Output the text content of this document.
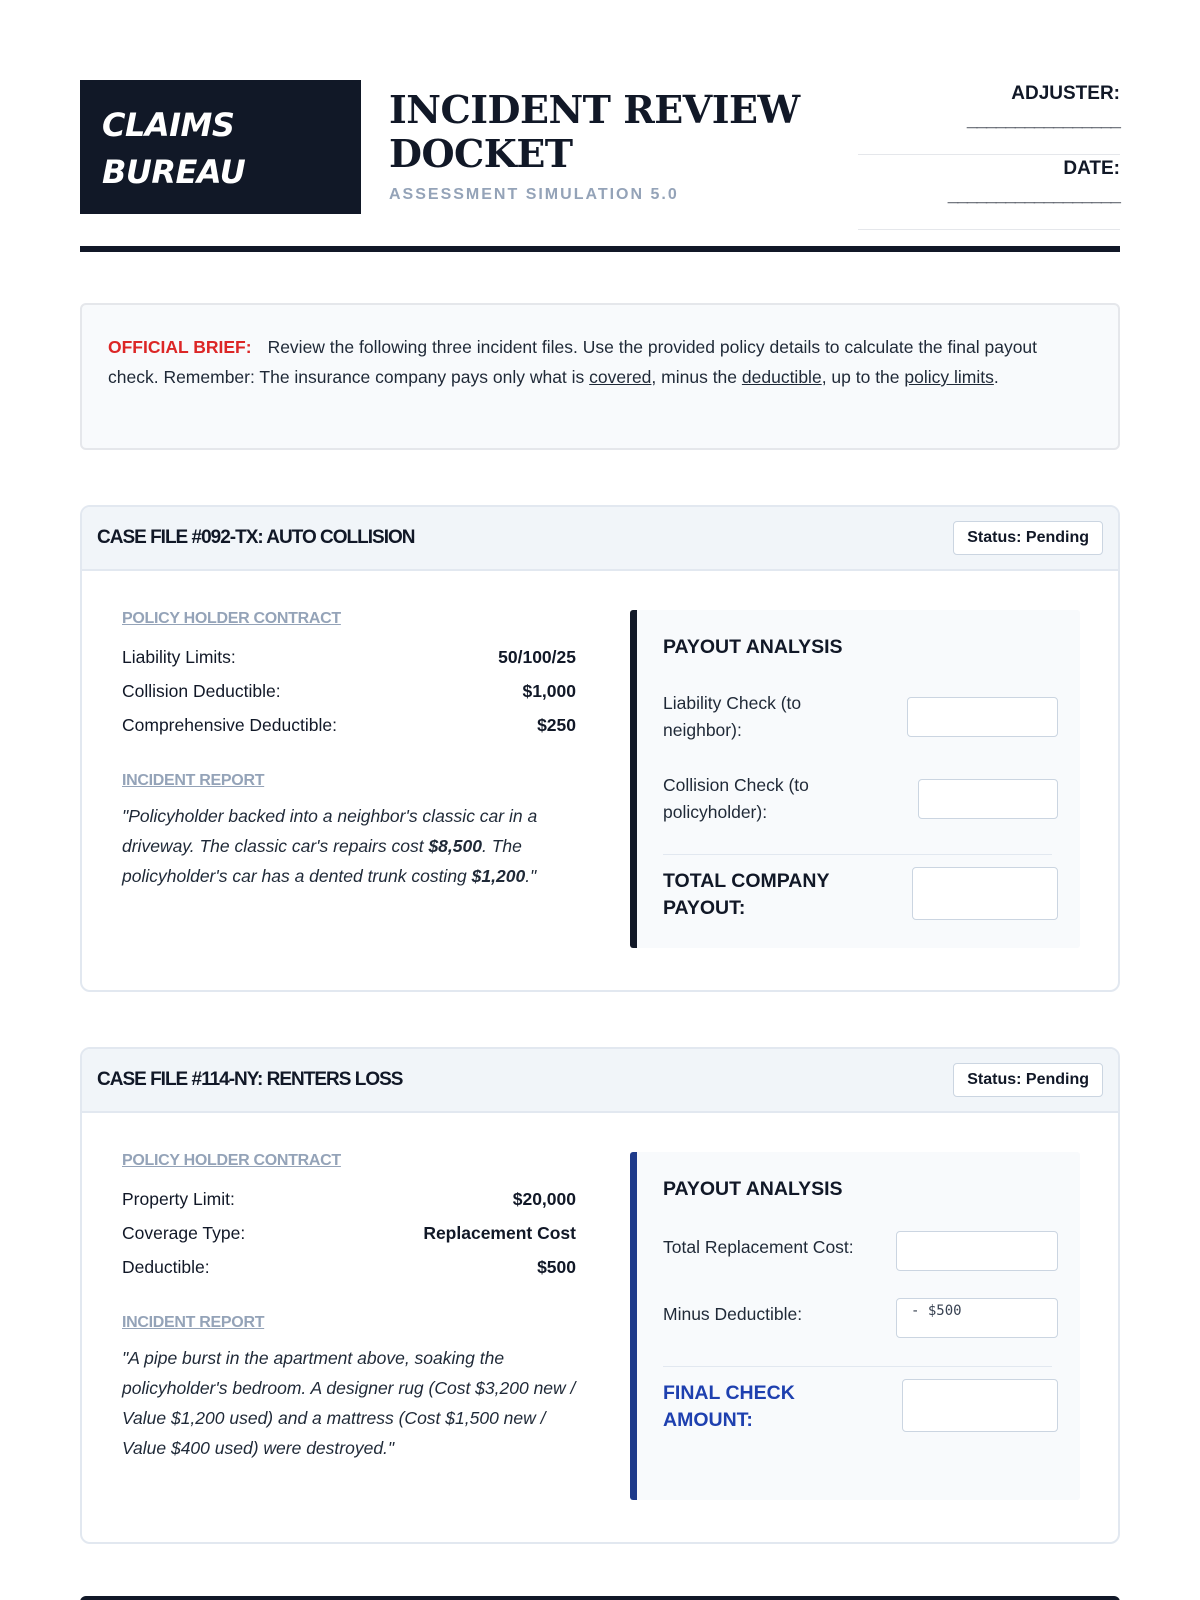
CLAIMS
BUREAU
INCIDENT REVIEW
DOCKET
ASSESSMENT SIMULATION 5.0
ADJUSTER:
________________
DATE:
__________________
OFFICIAL BRIEF: Review the following three incident files. Use the provided policy details to calculate the final payout check. Remember: The insurance company pays only what is covered, minus the deductible, up to the policy limits.
CASE FILE #092-TX: AUTO COLLISION	Status: Pending
POLICY HOLDER CONTRACT
Liability Limits:	50/100/25
Collision Deductible:	$1,000
Comprehensive Deductible:	$250
INCIDENT REPORT
"Policyholder backed into a neighbor's classic car in a driveway. The classic car's repairs cost $8,500. The policyholder's car has a dented trunk costing $1,200."
PAYOUT ANALYSIS
Liability Check (to neighbor):
Collision Check (to policyholder):
TOTAL COMPANY PAYOUT:
CASE FILE #114-NY: RENTERS LOSS	Status: Pending
POLICY HOLDER CONTRACT
Property Limit:	$20,000
Coverage Type:	Replacement Cost
Deductible:	$500
INCIDENT REPORT
"A pipe burst in the apartment above, soaking the policyholder's bedroom. A designer rug (Cost $3,200 new / Value $1,200 used) and a mattress (Cost $1,500 new / Value $400 used) were destroyed."
PAYOUT ANALYSIS
Total Replacement Cost:
Minus Deductible:	- $500
FINAL CHECK AMOUNT:
